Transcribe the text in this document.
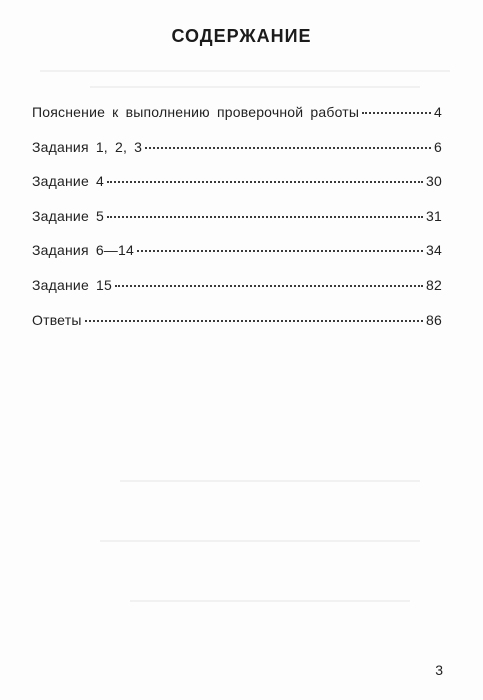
СОДЕРЖАНИЕ
Пояснение к выполнению проверочной работы	4
Задания 1, 2, 3	6
Задание 4	30
Задание 5	31
Задания 6—14	34
Задание 15	82
Ответы	86
3
